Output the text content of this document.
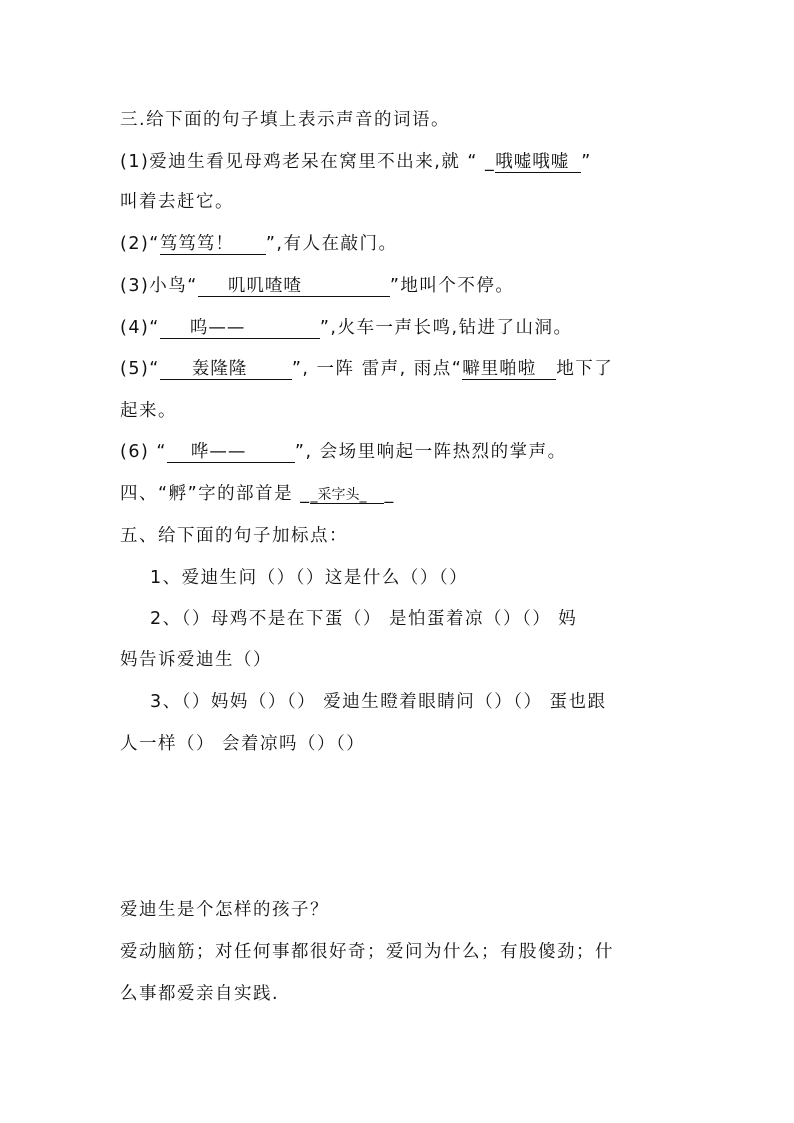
三.给下面的句子填上表示声音的词语。
(1)爱迪生看见母鸡老呆在窝里不出来,就 “ _哦嘘哦嘘 ”
叫着去赶它。
(2)“笃笃笃！ ”,有人在敲门。
(3)小鸟“ 叽叽喳喳	”地叫个不停。
(4)“ 呜——	”,火车一声长鸣,钻进了山洞。
(5)“ 轰隆隆	”, 一阵 雷声, 雨点“噼里啪啦 地下了
起来。
(6) “ 哗——	”, 会场里响起一阵热烈的掌声。
四、“孵”字的部首是 __采字头_ _
五、给下面的句子加标点：
1、爱迪生问（）（）这是什么（）（）
2、（）母鸡不是在下蛋（） 是怕蛋着凉（）（） 妈
妈告诉爱迪生（）
3、（）妈妈（）（） 爱迪生瞪着眼睛问（）（） 蛋也跟
人一样（） 会着凉吗（）（）
爱迪生是个怎样的孩子？
爱动脑筋；对任何事都很好奇；爱问为什么；有股傻劲；什
么事都爱亲自实践.
